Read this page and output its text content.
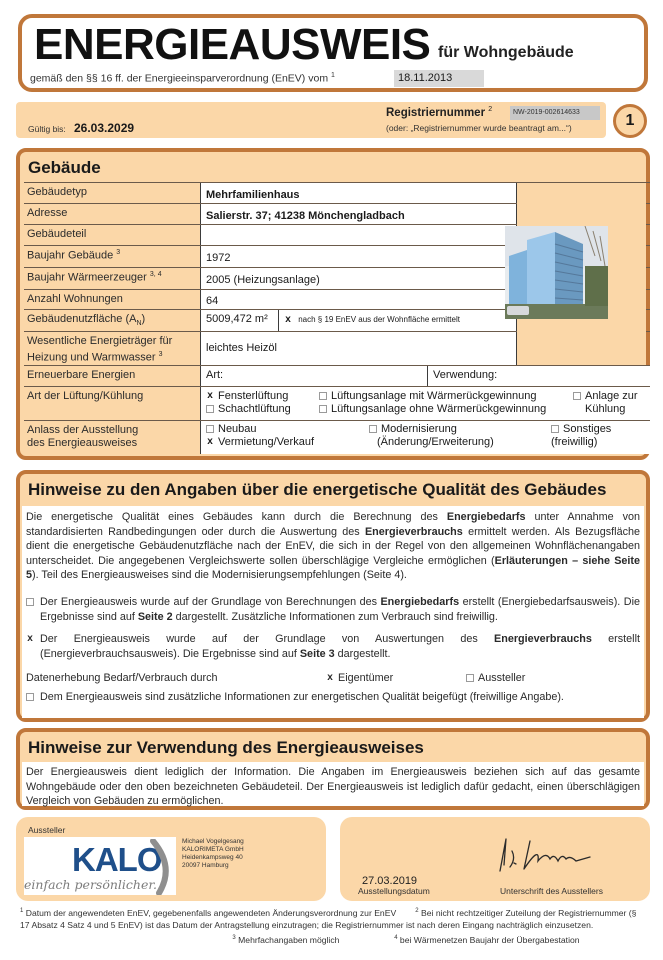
ENERGIEAUSWEIS für Wohngebäude
gemäß den §§ 16 ff. der Energieeinsparverordnung (EnEV) vom $^1$	18.11.2013
Gültig bis: 26.03.2029
Registriernummer $^2$	NW-2019-002614633
(oder: „Registriernummer wurde beantragt am...“)	1
Gebäude
Gebäudetyp	Mehrfamilienhaus
Adresse	Salierstr. 37; 41238 Mönchengladbach
Gebäudeteil
Baujahr Gebäude $^3$	1972
Baujahr Wärmeerzeuger $^{3, 4}$	2005 (Heizungsanlage)
Anzahl Wohnungen	64
Gebäudenutzfläche $(A_N)$	5009,472 m²	x nach § 19 EnEV aus der Wohnfläche ermittelt
Wesentliche Energieträger für
Heizung und Warmwasser $^3$
leichtes Heizöl
Erneuerbare Energien	Art:	Verwendung:
Art der Lüftung/Kühlung	x Fensterlüftung	Lüftungsanlage mit Wärmerückgewinnung	Anlage zur
Schachtlüftung	Lüftungsanlage ohne Wärmerückgewinnung	Kühlung
Anlass der Ausstellung
des Energieausweises
Neubau	Modernisierung	Sonstiges
x Vermietung/Verkauf	(Änderung/Erweiterung)	(freiwillig)
Hinweise zu den Angaben über die energetische Qualität des Gebäudes

Die energetische Qualität eines Gebäudes kann durch die Berechnung des Energiebedarfs unter Annahme von standardisierten Randbedingungen oder durch die Auswertung des Energieverbrauchs ermittelt werden. Als Bezugsfläche dient die energetische Gebäudenutzfläche nach der EnEV, die sich in der Regel von den allgemeinen Wohnflächenangaben unterscheidet. Die angegebenen Vergleichswerte sollen überschlägige Vergleiche ermöglichen (Erläuterungen – siehe Seite 5). Teil des Energieausweises sind die Modernisierungsempfehlungen (Seite 4).

Der Energieausweis wurde auf der Grundlage von Berechnungen des Energiebedarfs erstellt (Energiebedarfsausweis). Die Ergebnisse sind auf Seite 2 dargestellt. Zusätzliche Informationen zum Verbrauch sind freiwillig.

x Der Energieausweis wurde auf der Grundlage von Auswertungen des Energieverbrauchs erstellt (Energieverbrauchsausweis). Die Ergebnisse sind auf Seite 3 dargestellt.

Datenerhebung Bedarf/Verbrauch durch	x Eigentümer	Aussteller

Dem Energieausweis sind zusätzliche Informationen zur energetischen Qualität beigefügt (freiwillige Angabe).

Hinweise zur Verwendung des Energieausweises
Der Energieausweis dient lediglich der Information. Die Angaben im Energieausweis beziehen sich auf das gesamte Wohngebäude oder den oben bezeichneten Gebäudeteil. Der Energieausweis ist lediglich dafür gedacht, einen überschlägigen Vergleich von Gebäuden zu ermöglichen.
Aussteller
KALO
einfach persönlicher.
Michael Vogelgesang
KALORIMETA GmbH
Heidenkampsweg 40
20097 Hamburg
27.03.2019
Ausstellungsdatum	Unterschrift des Ausstellers
$^1$ Datum der angewendeten EnEV, gegebenenfalls angewendeten Änderungsverordnung zur EnEV	$^2$ Bei nicht rechtzeitiger Zuteilung der Registriernummer (§ 17 Absatz 4 Satz 4 und 5 EnEV) ist das Datum der Antragstellung einzutragen; die Registriernummer ist nach deren Eingang nachträglich einzusetzen.
$^3$ Mehrfachangaben möglich	$^4$ bei Wärmenetzen Baujahr der Übergabestation
